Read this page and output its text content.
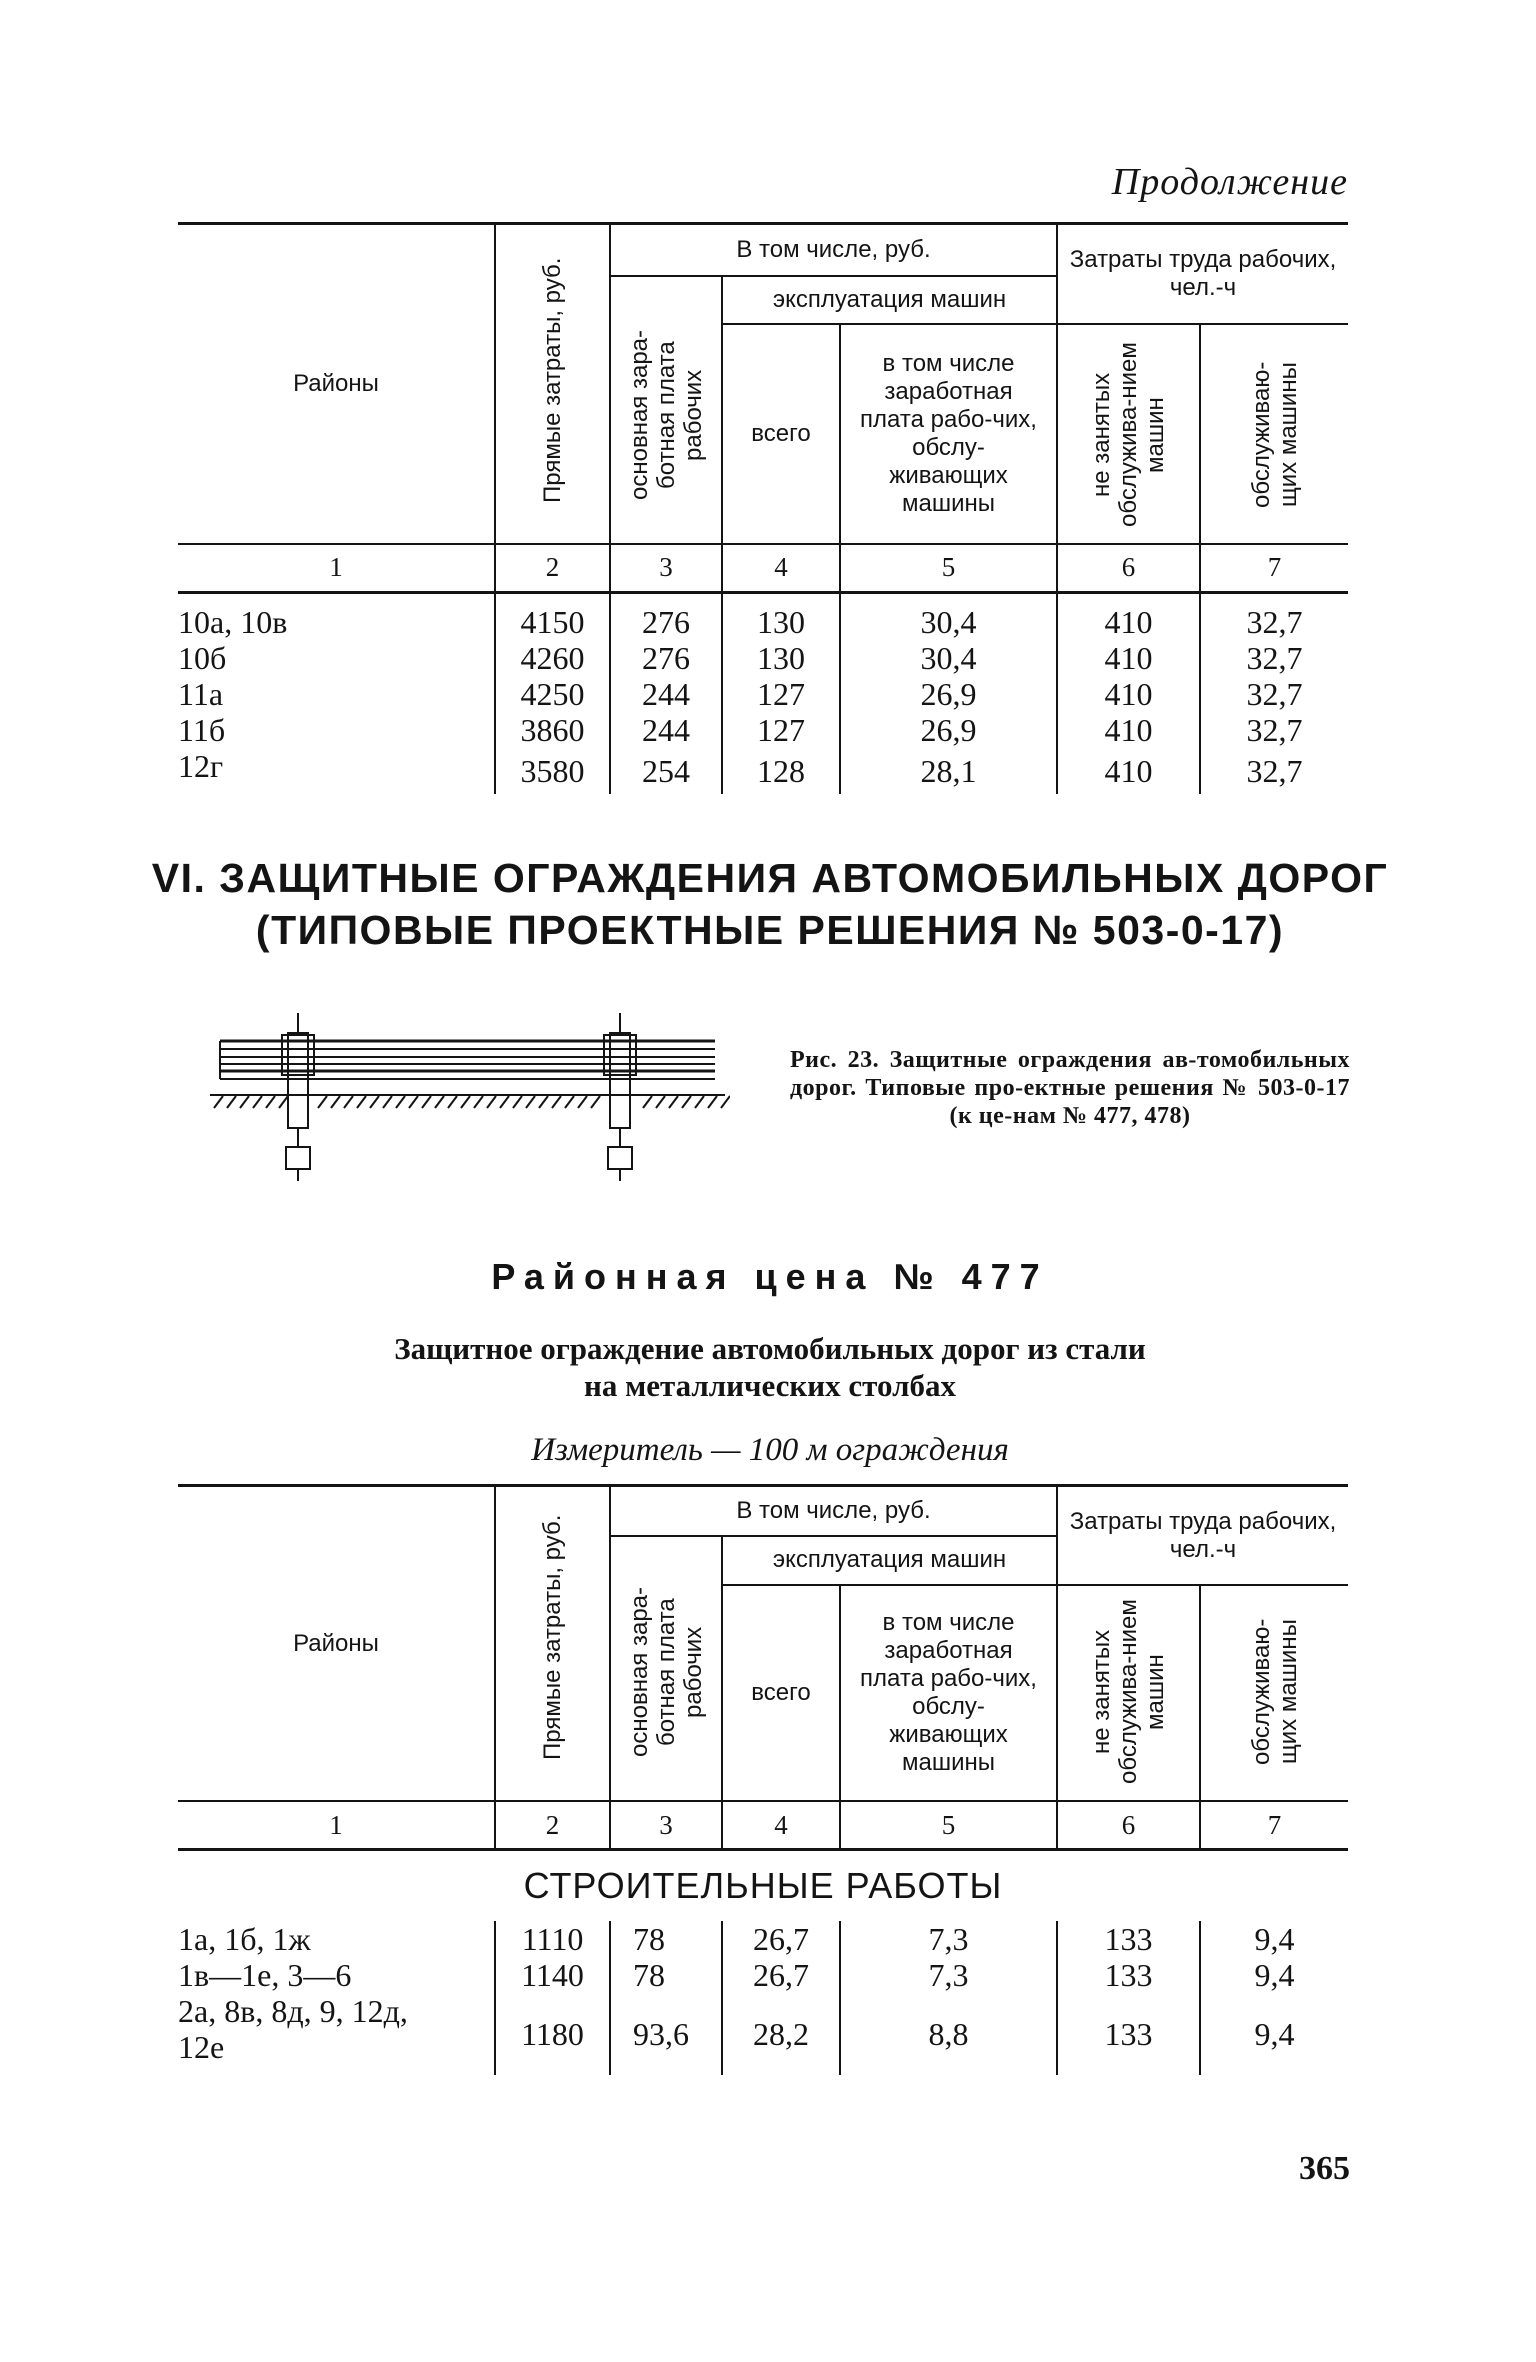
Продолжение
Районы	Прямые затраты, руб.	В том числе, руб.			Затраты труда рабочих, чел.-ч	
		основная зара-ботная плата рабочих	эксплуатация машин			
			всего	в том числе заработная плата рабо-чих, обслу-живающих машины	не занятых обслужива-нием машин	обслуживаю-щих машины
1	2	3	4	5	6	7

10а, 10в	4150	276	130	30,4	410	32,7
10б	4260	276	130	30,4	410	32,7
11а	4250	244	127	26,9	410	32,7
11б	3860	244	127	26,9	410	32,7
12г	3580	254	128	28,1	410	32,7
VI. ЗАЩИТНЫЕ ОГРАЖДЕНИЯ АВТОМОБИЛЬНЫХ ДОРОГ
(ТИПОВЫЕ ПРОЕКТНЫЕ РЕШЕНИЯ № 503-0-17)
Рис. 23. Защитные ограждения ав-томобильных дорог. Типовые про-ектные решения № 503-0-17 (к це-нам № 477, 478)
Районная цена № 477
Защитное ограждение автомобильных дорог из стали
на металлических столбах
Измеритель — 100 м ограждения
Районы	Прямые затраты, руб.	В том числе, руб.			Затраты труда рабочих, чел.-ч	
		основная зара-ботная плата рабочих	эксплуатация машин			
			всего	в том числе заработная плата рабо-чих, обслу-живающих машины	не занятых обслужива-нием машин	обслуживаю-щих машины
1	2	3	4	5	6	7
СТРОИТЕЛЬНЫЕ РАБОТЫ						
1а, 1б, 1ж	1110	78	26,7	7,3	133	9,4
1в—1е, 3—6	1140	78	26,7	7,3	133	9,4
2а, 8в, 8д, 9, 12д, 12е	1180	93,6	28,2	8,8	133	9,4
365
